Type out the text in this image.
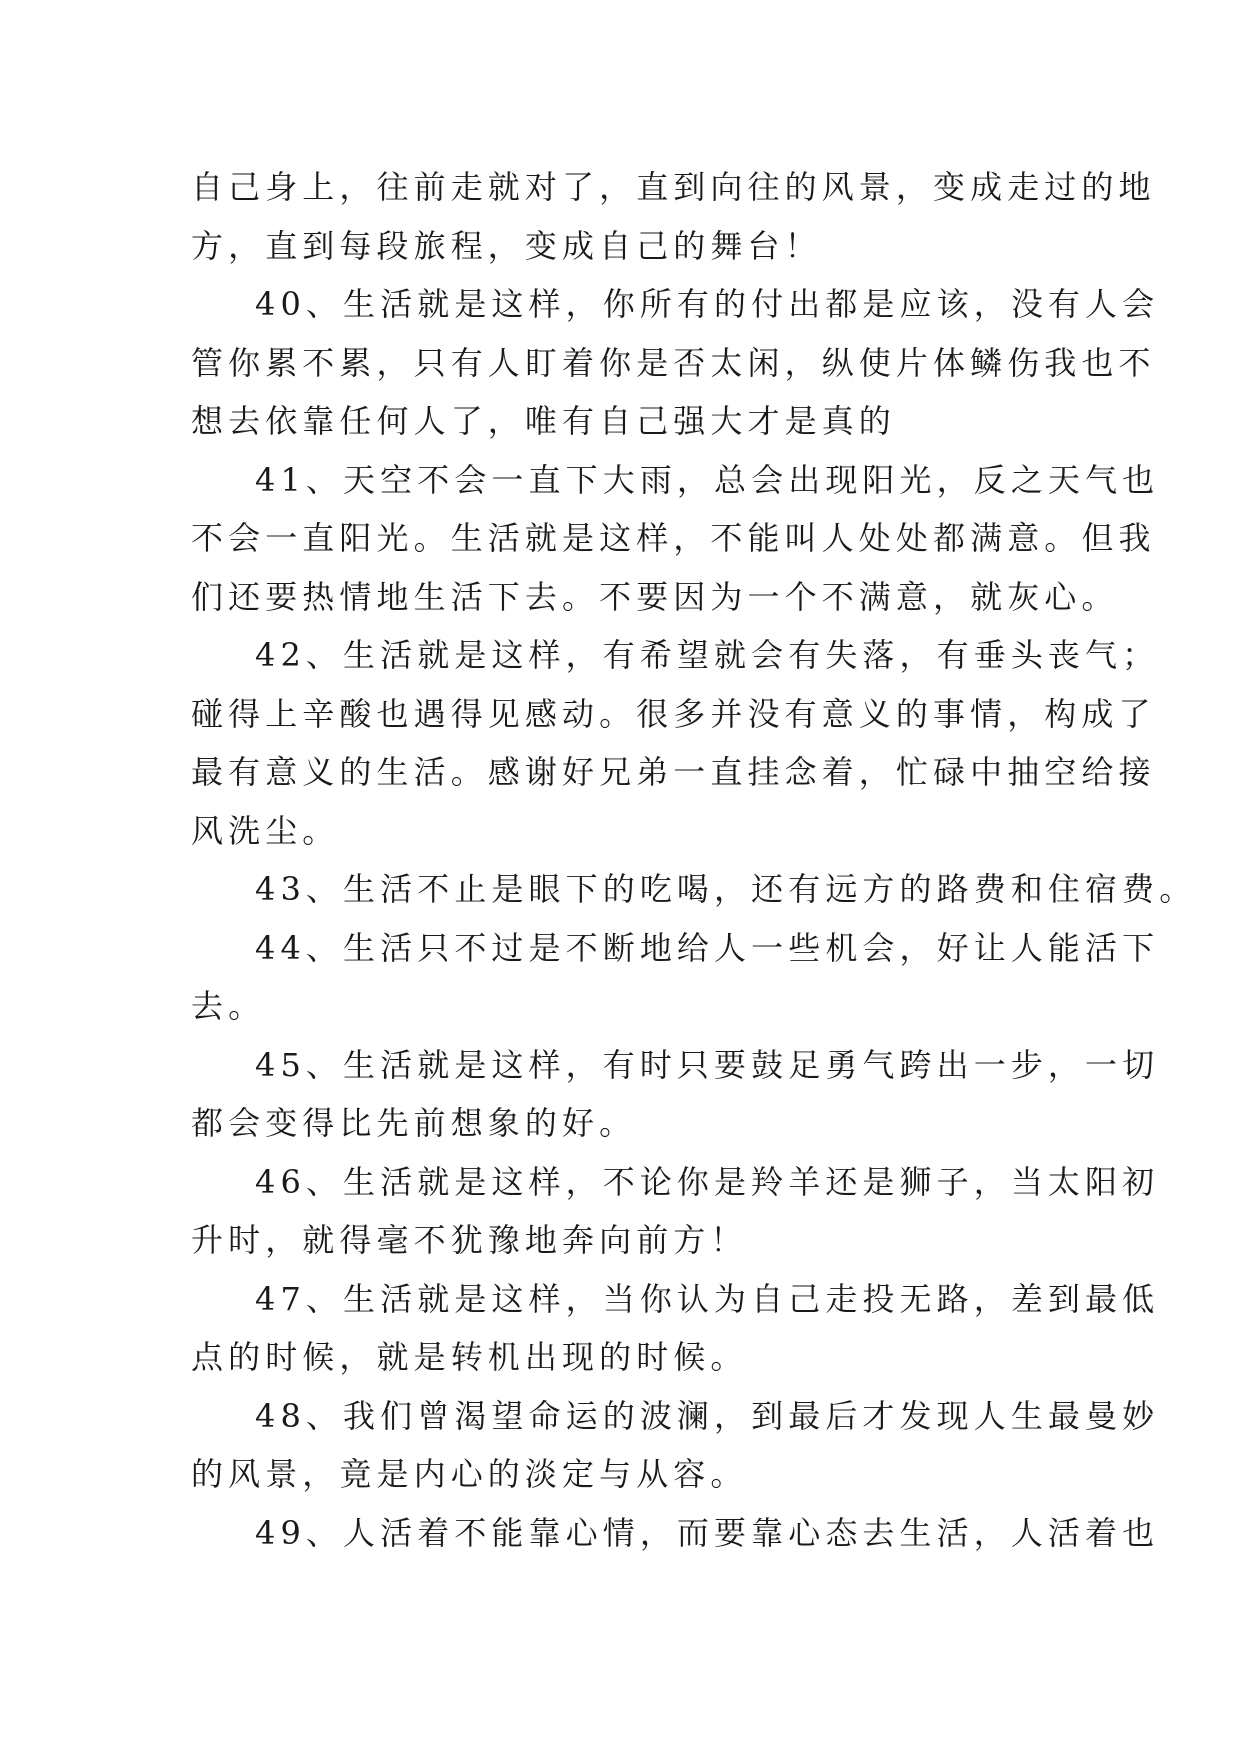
自己身上，往前走就对了，直到向往的风景，变成走过的地
方，直到每段旅程，变成自己的舞台！
40、生活就是这样，你所有的付出都是应该，没有人会
管你累不累，只有人盯着你是否太闲，纵使片体鳞伤我也不
想去依靠任何人了，唯有自己强大才是真的
41、天空不会一直下大雨，总会出现阳光，反之天气也
不会一直阳光。生活就是这样，不能叫人处处都满意。但我
们还要热情地生活下去。不要因为一个不满意，就灰心。
42、生活就是这样，有希望就会有失落，有垂头丧气；
碰得上辛酸也遇得见感动。很多并没有意义的事情，构成了
最有意义的生活。感谢好兄弟一直挂念着，忙碌中抽空给接
风洗尘。
43、生活不止是眼下的吃喝，还有远方的路费和住宿费。
44、生活只不过是不断地给人一些机会，好让人能活下
去。
45、生活就是这样，有时只要鼓足勇气跨出一步，一切
都会变得比先前想象的好。
46、生活就是这样，不论你是羚羊还是狮子，当太阳初
升时，就得毫不犹豫地奔向前方！
47、生活就是这样，当你认为自己走投无路，差到最低
点的时候，就是转机出现的时候。
48、我们曾渴望命运的波澜，到最后才发现人生最曼妙
的风景，竟是内心的淡定与从容。
49、人活着不能靠心情，而要靠心态去生活，人活着也
